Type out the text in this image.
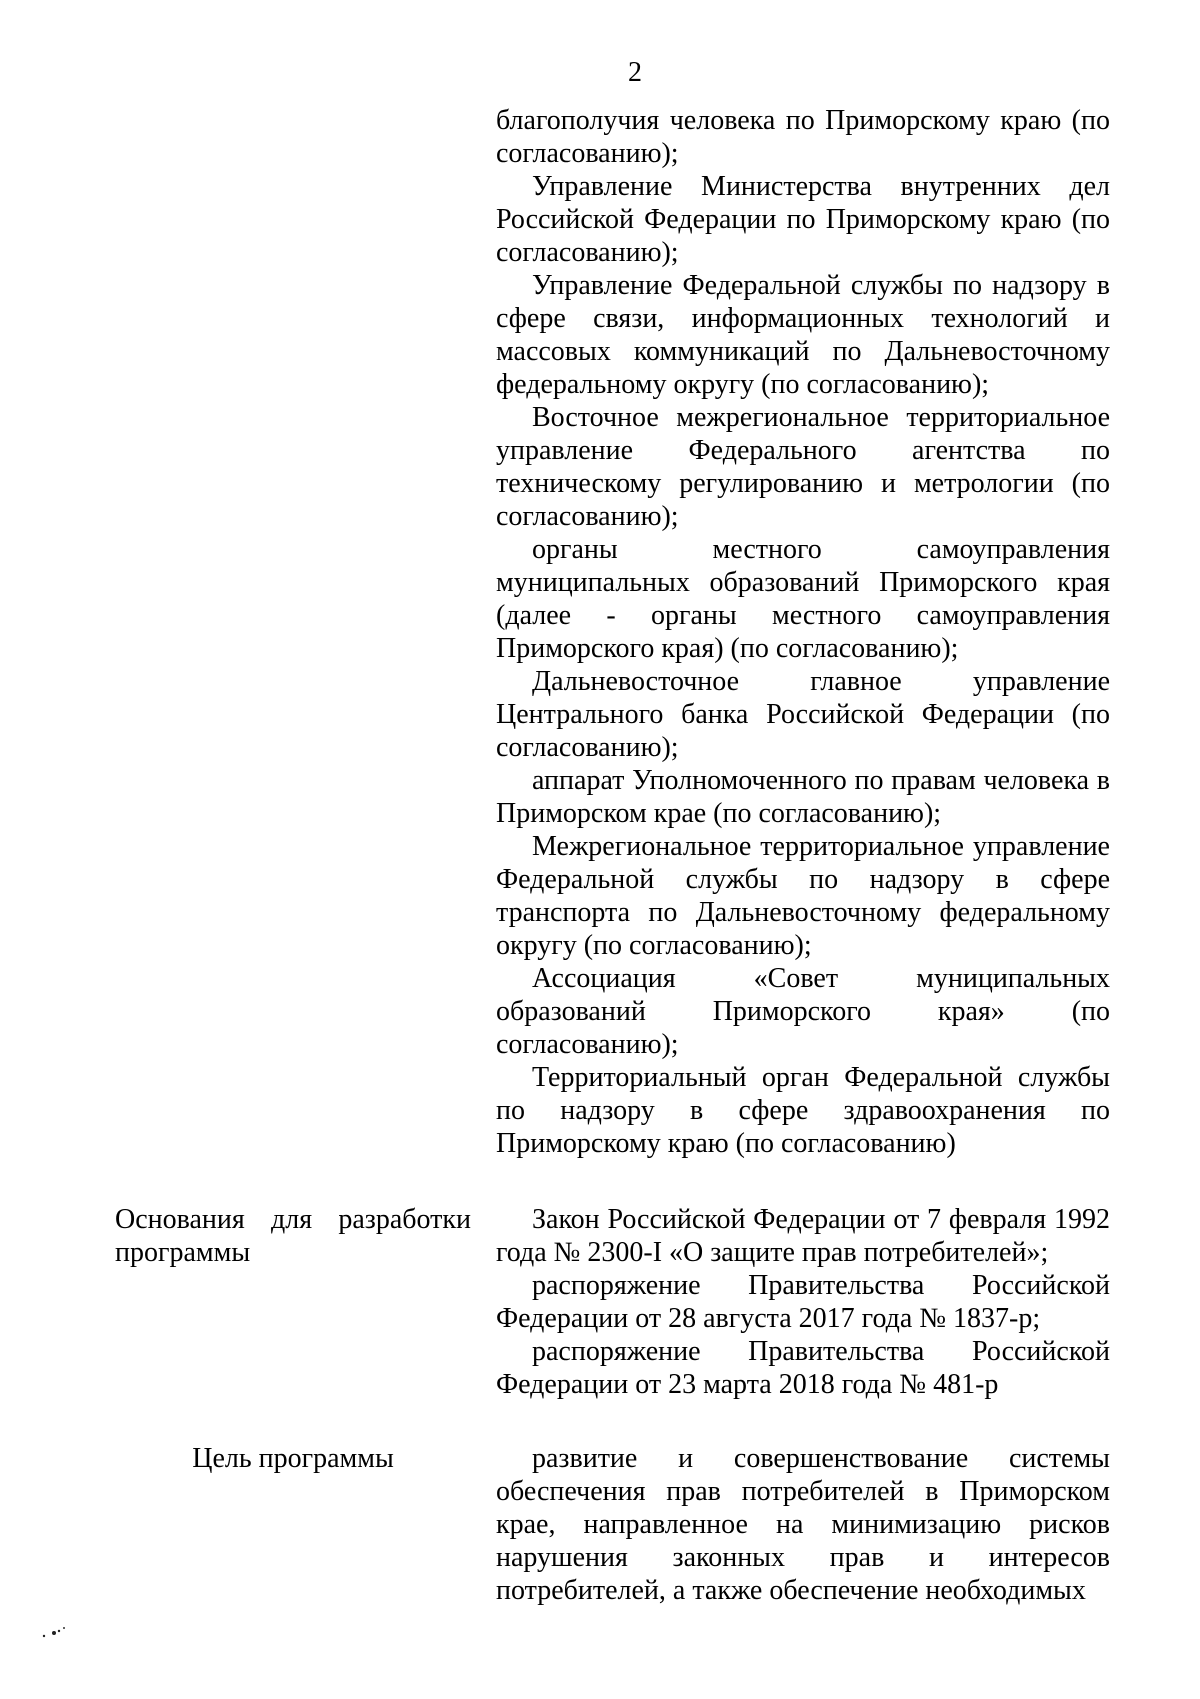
2

благополучия человека по Приморскому краю (по согласованию);

Управление Министерства внутренних дел Российской Федерации по Приморскому краю (по согласованию);

Управление Федеральной службы по надзору в сфере связи, информационных технологий и массовых коммуникаций по Дальневосточному федеральному округу (по согласованию);

Восточное межрегиональное территориальное управление Федерального агентства по техническому регулированию и метрологии (по согласованию);

органы местного самоуправления муниципальных образований Приморского края (далее - органы местного самоуправления Приморского края) (по согласованию);

Дальневосточное главное управление Центрального банка Российской Федерации (по согласованию);

аппарат Уполномоченного по правам человека в Приморском крае (по согласованию);

Межрегиональное территориальное управление Федеральной службы по надзору в сфере транспорта по Дальневосточному федеральному округу (по согласованию);

Ассоциация «Совет муниципальных образований Приморского края» (по согласованию);

Территориальный орган Федеральной службы по надзору в сфере здравоохранения по Приморскому краю (по согласованию)

Основания для разработки программы

Закон Российской Федерации от 7 февраля 1992 года № 2300-I «О защите прав потребителей»;

распоряжение Правительства Российской Федерации от 28 августа 2017 года № 1837-р;

распоряжение Правительства Российской Федерации от 23 марта 2018 года № 481-р

Цель программы	развитие и совершенствование системы обеспечения прав потребителей в Приморском крае, направленное на минимизацию рисков нарушения законных прав и интересов потребителей, а также обеспечение необходимых
